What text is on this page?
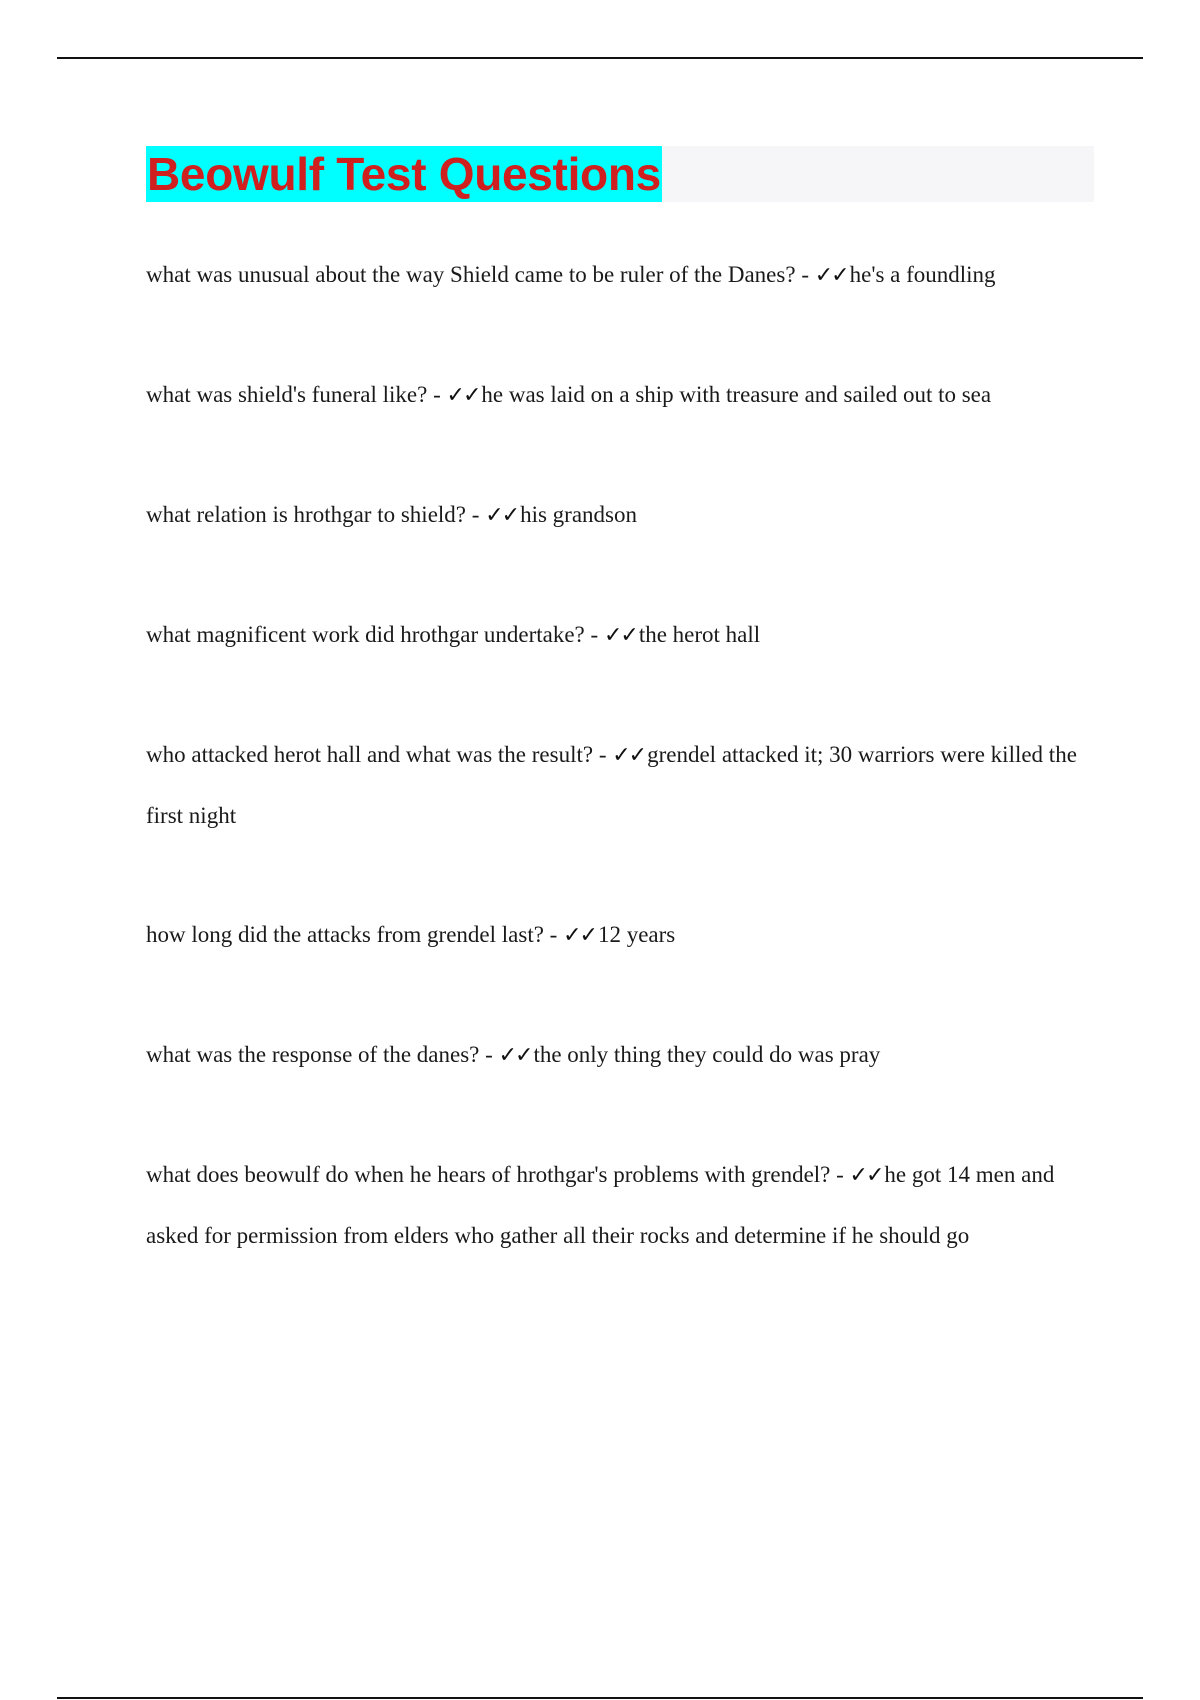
Beowulf Test Questions
what was unusual about the way Shield came to be ruler of the Danes? - ✓✓he's a foundling
what was shield's funeral like? - ✓✓he was laid on a ship with treasure and sailed out to sea
what relation is hrothgar to shield? - ✓✓his grandson
what magnificent work did hrothgar undertake? - ✓✓the herot hall
who attacked herot hall and what was the result? - ✓✓grendel attacked it; 30 warriors were killed the first night
how long did the attacks from grendel last? - ✓✓12 years
what was the response of the danes? - ✓✓the only thing they could do was pray
what does beowulf do when he hears of hrothgar's problems with grendel? - ✓✓he got 14 men and asked for permission from elders who gather all their rocks and determine if he should go
